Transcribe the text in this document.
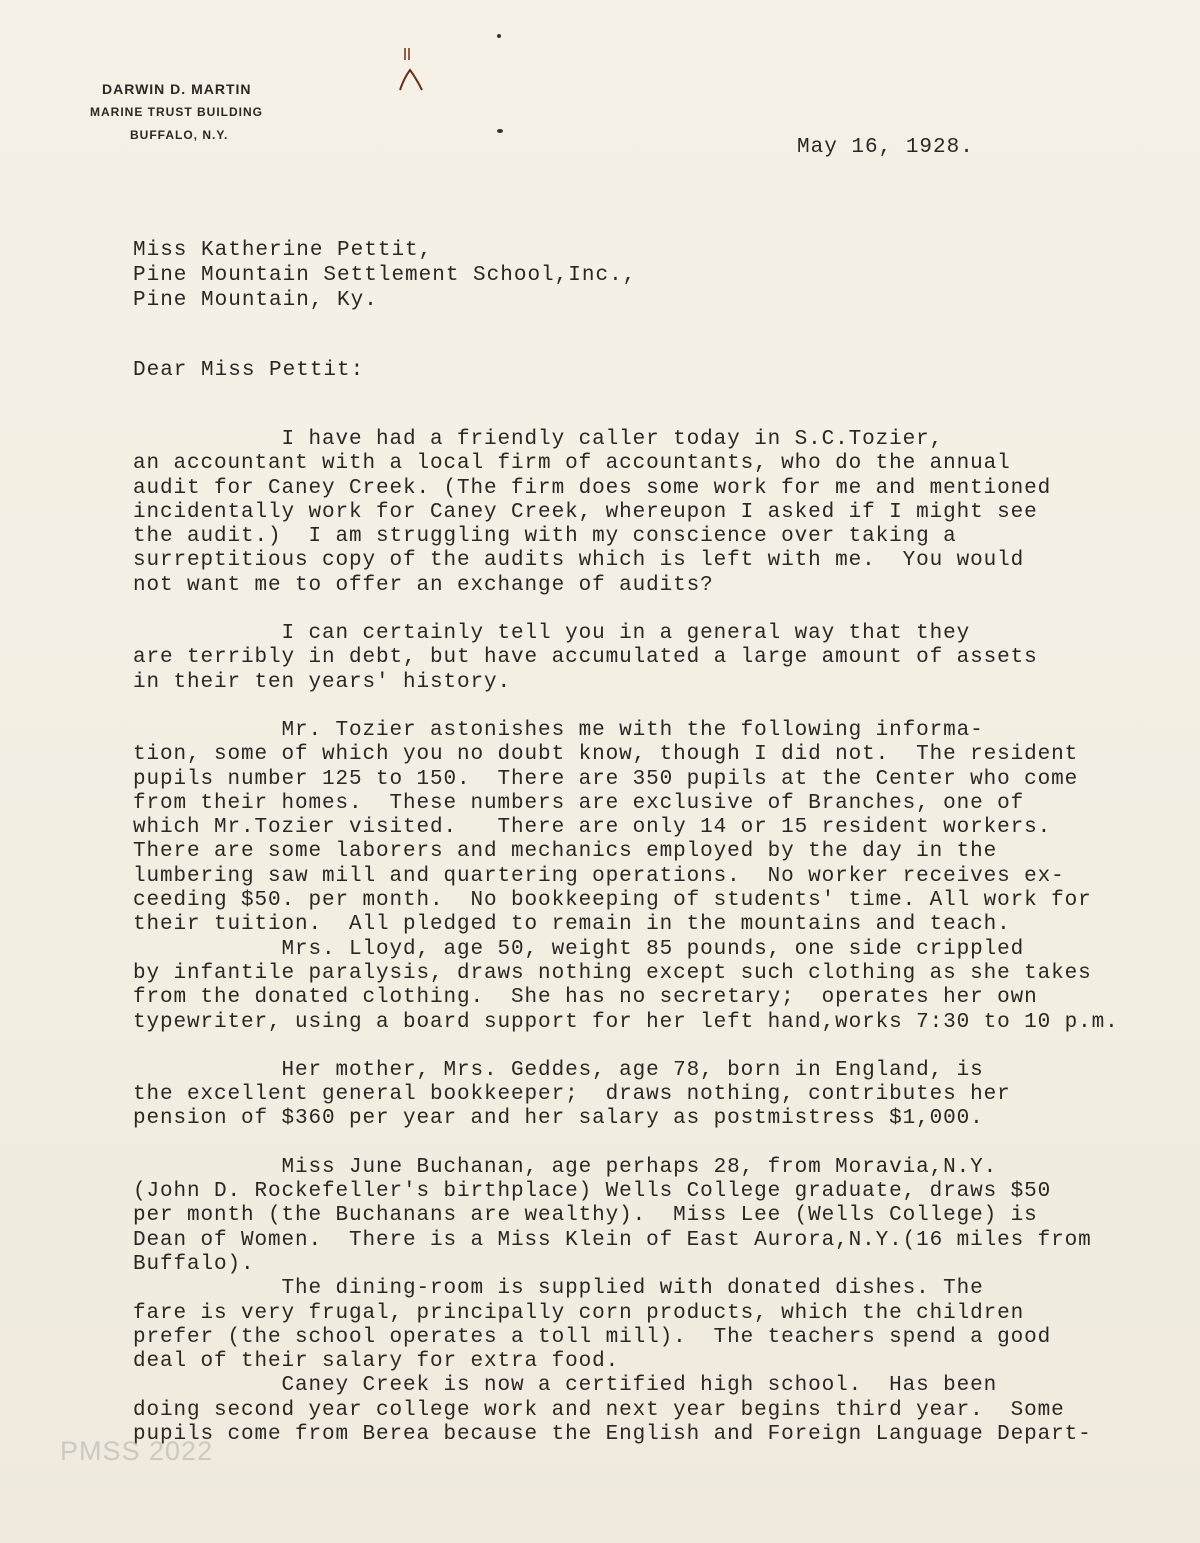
DARWIN D. MARTIN
MARINE TRUST BUILDING
BUFFALO, N.Y.
May 16, 1928.
Miss Katherine Pettit,
Pine Mountain Settlement School,Inc.,
Pine Mountain, Ky.
Dear Miss Pettit:
I have had a friendly caller today in S.C.Tozier,
an accountant with a local firm of accountants, who do the annual
audit for Caney Creek. (The firm does some work for me and mentioned
incidentally work for Caney Creek, whereupon I asked if I might see
the audit.)  I am struggling with my conscience over taking a
surreptitious copy of the audits which is left with me.  You would
not want me to offer an exchange of audits?
I can certainly tell you in a general way that they
are terribly in debt, but have accumulated a large amount of assets
in their ten years' history.
Mr. Tozier astonishes me with the following informa-
tion, some of which you no doubt know, though I did not.  The resident
pupils number 125 to 150.  There are 350 pupils at the Center who come
from their homes.  These numbers are exclusive of Branches, one of
which Mr.Tozier visited.   There are only 14 or 15 resident workers.
There are some laborers and mechanics employed by the day in the
lumbering saw mill and quartering operations.  No worker receives ex-
ceeding $50. per month.  No bookkeeping of students' time. All work for
their tuition.  All pledged to remain in the mountains and teach.
Mrs. Lloyd, age 50, weight 85 pounds, one side crippled
by infantile paralysis, draws nothing except such clothing as she takes
from the donated clothing.  She has no secretary;  operates her own
typewriter, using a board support for her left hand,works 7:30 to 10 p.m.
Her mother, Mrs. Geddes, age 78, born in England, is
the excellent general bookkeeper;  draws nothing, contributes her
pension of $360 per year and her salary as postmistress $1,000.
Miss June Buchanan, age perhaps 28, from Moravia,N.Y.
(John D. Rockefeller's birthplace) Wells College graduate, draws $50
per month (the Buchanans are wealthy).  Miss Lee (Wells College) is
Dean of Women.  There is a Miss Klein of East Aurora,N.Y.(16 miles from
Buffalo).
The dining-room is supplied with donated dishes. The
fare is very frugal, principally corn products, which the children
prefer (the school operates a toll mill).  The teachers spend a good
deal of their salary for extra food.
Caney Creek is now a certified high school.  Has been
doing second year college work and next year begins third year.  Some
pupils come from Berea because the English and Foreign Language Depart-
PMSS 2022
